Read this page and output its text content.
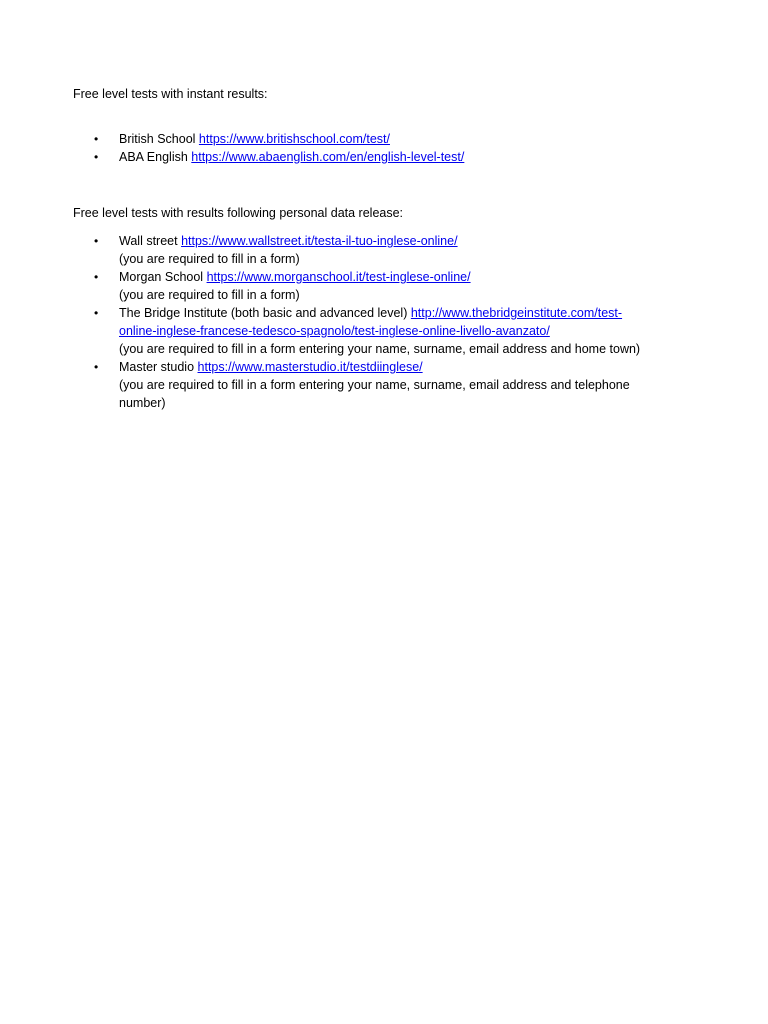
Free level tests with instant results:

• British School https://www.britishschool.com/test/
• ABA English https://www.abaenglish.com/en/english-level-test/

Free level tests with results following personal data release:

• Wall street https://www.wallstreet.it/testa-il-tuo-inglese-online/
(you are required to fill in a form)
• Morgan School https://www.morganschool.it/test-inglese-online/
(you are required to fill in a form)
• The Bridge Institute (both basic and advanced level) http://www.thebridgeinstitute.com/test-
online-inglese-francese-tedesco-spagnolo/test-inglese-online-livello-avanzato/
(you are required to fill in a form entering your name, surname, email address and home town)
• Master studio https://www.masterstudio.it/testdiinglese/
(you are required to fill in a form entering your name, surname, email address and telephone number)
